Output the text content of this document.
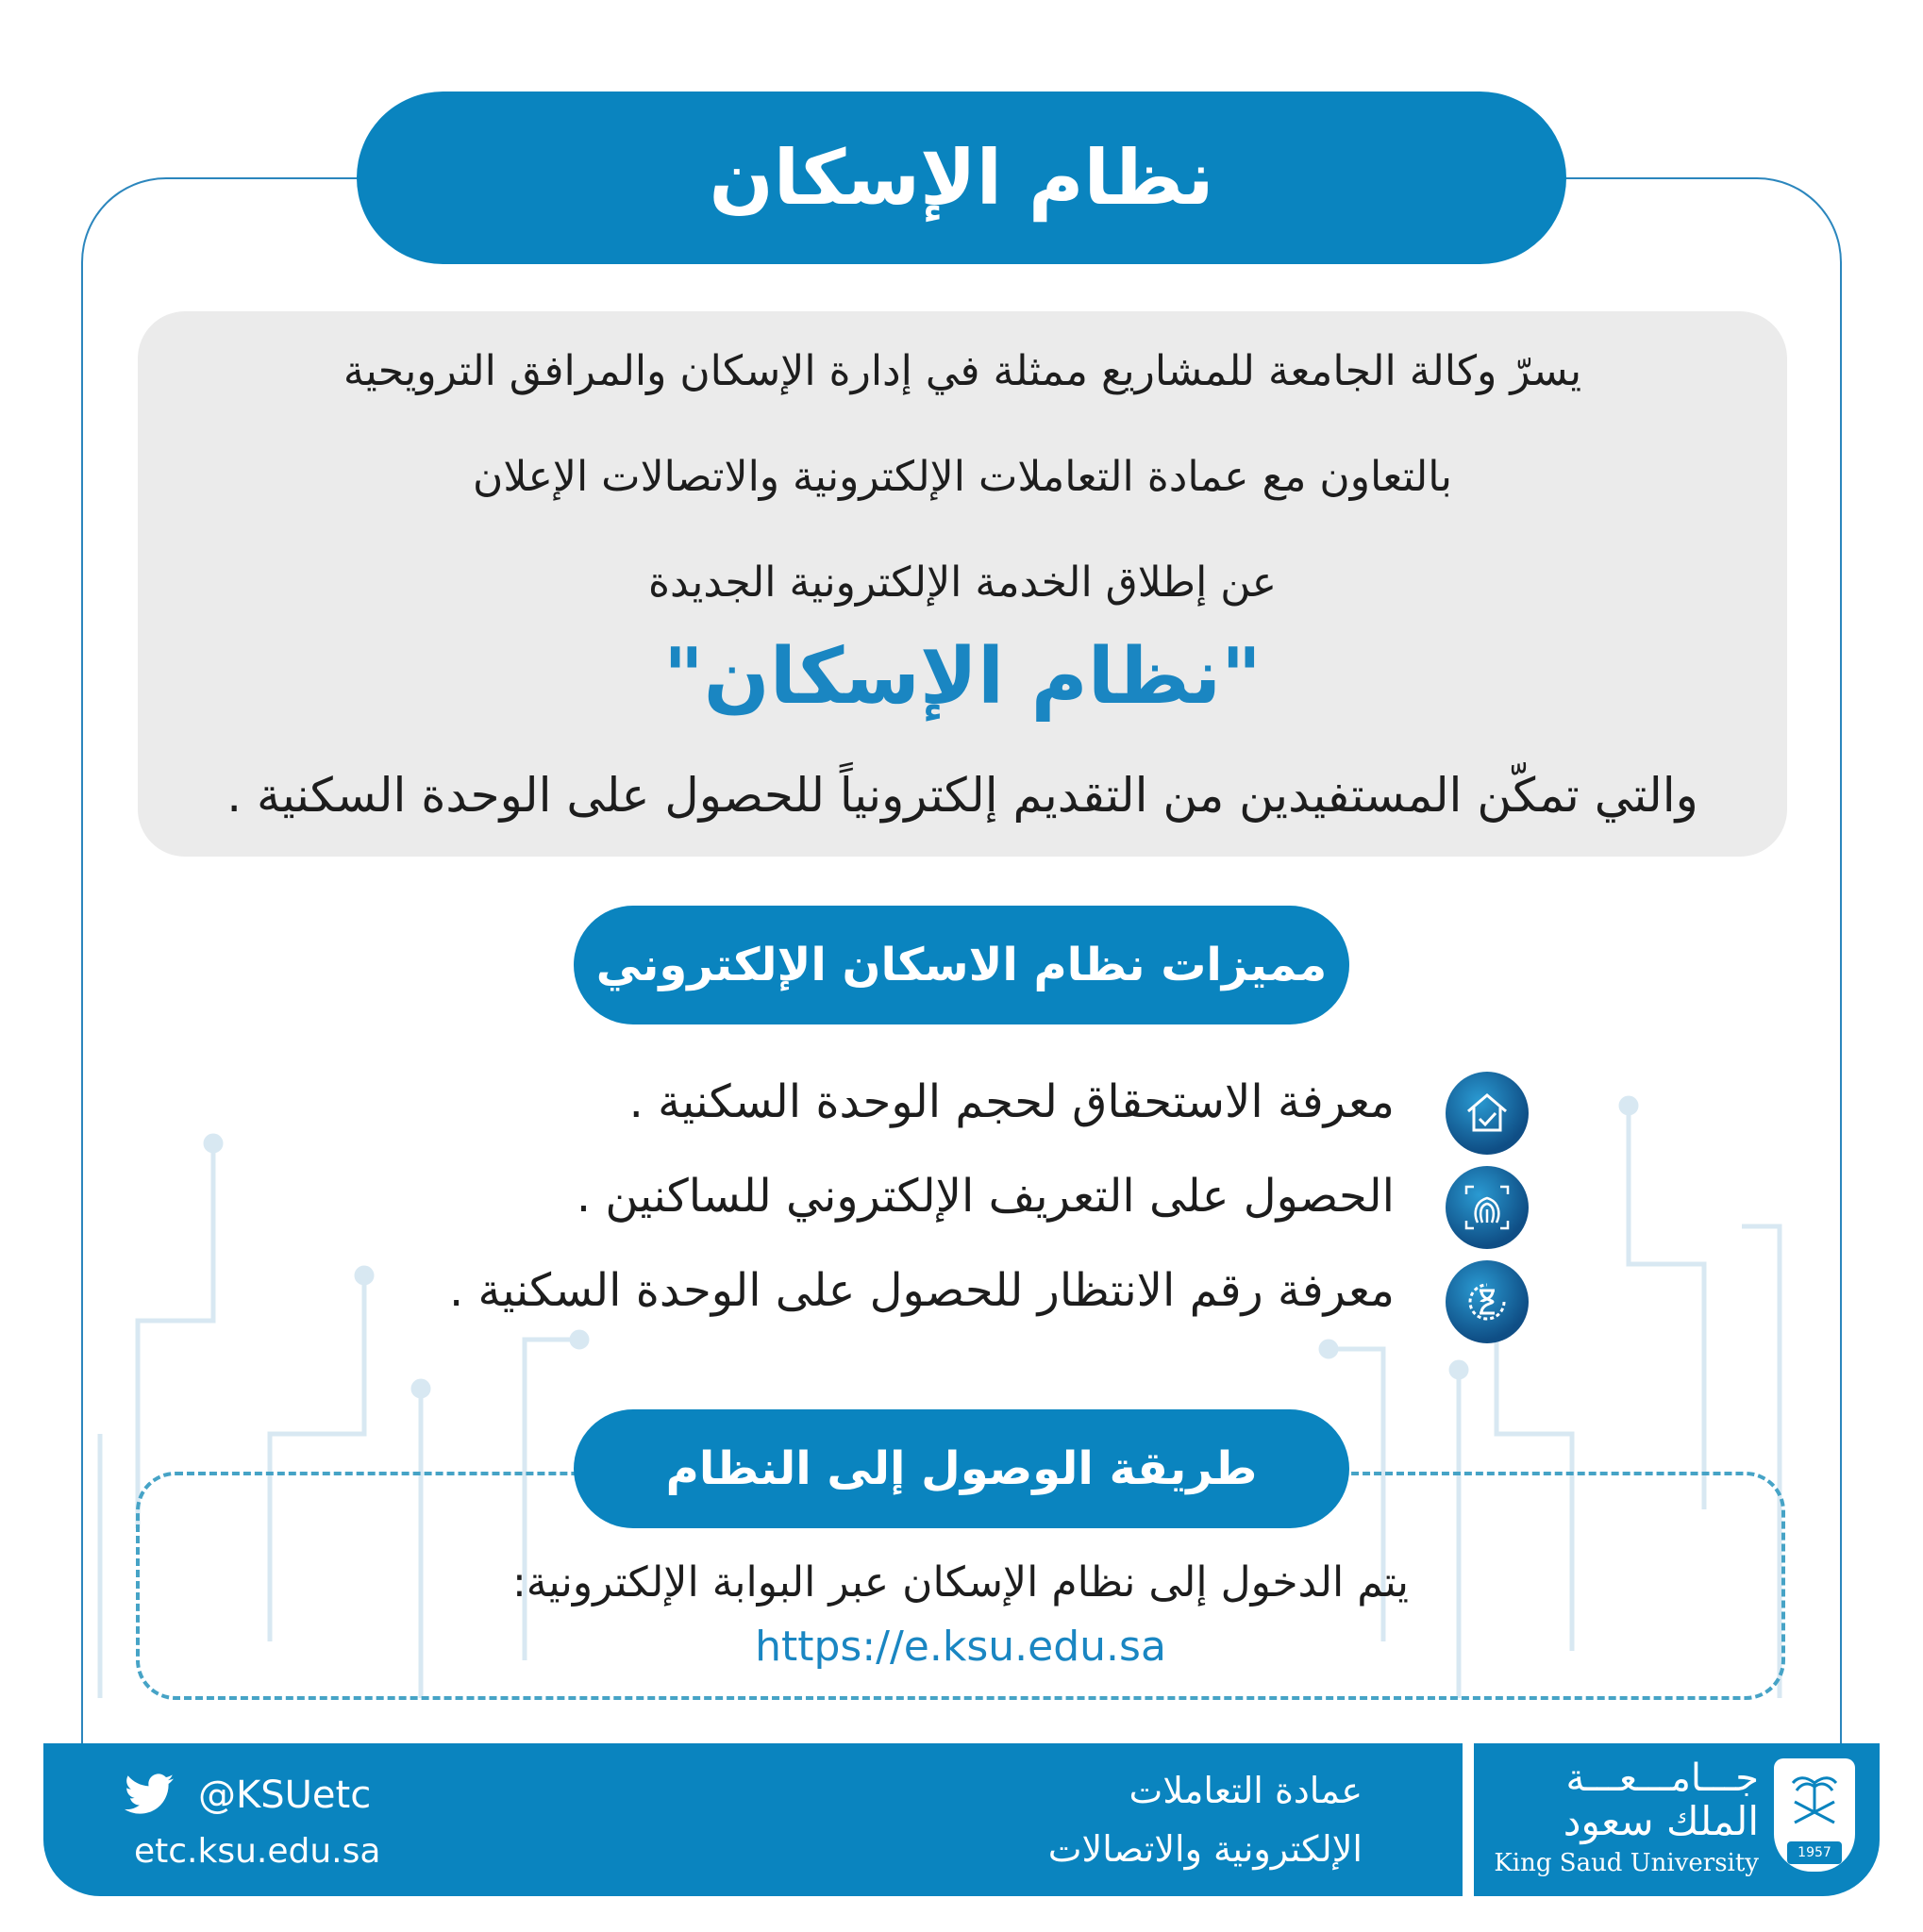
نظام الإسكان
يسرّ وكالة الجامعة للمشاريع ممثلة في إدارة الإسكان والمرافق الترويحية
بالتعاون مع عمادة التعاملات الإلكترونية والاتصالات الإعلان
عن إطلاق الخدمة الإلكترونية الجديدة
"نظام الإسكان"
والتي تمكّن المستفيدين من التقديم إلكترونياً للحصول على الوحدة السكنية .
مميزات نظام الاسكان الإلكتروني
معرفة الاستحقاق لحجم الوحدة السكنية .
الحصول على التعريف الإلكتروني للساكنين .
معرفة رقم الانتظار للحصول على الوحدة السكنية .
يتم الدخول إلى نظام الإسكان عبر البوابة الإلكترونية:
https://e.ksu.edu.sa
طريقة الوصول إلى النظام
@KSUetc
etc.ksu.edu.sa
عمادة التعاملات
الإلكترونية والاتصالات
جـــامـــعـــة
الملك سعود
King Saud University	1957
